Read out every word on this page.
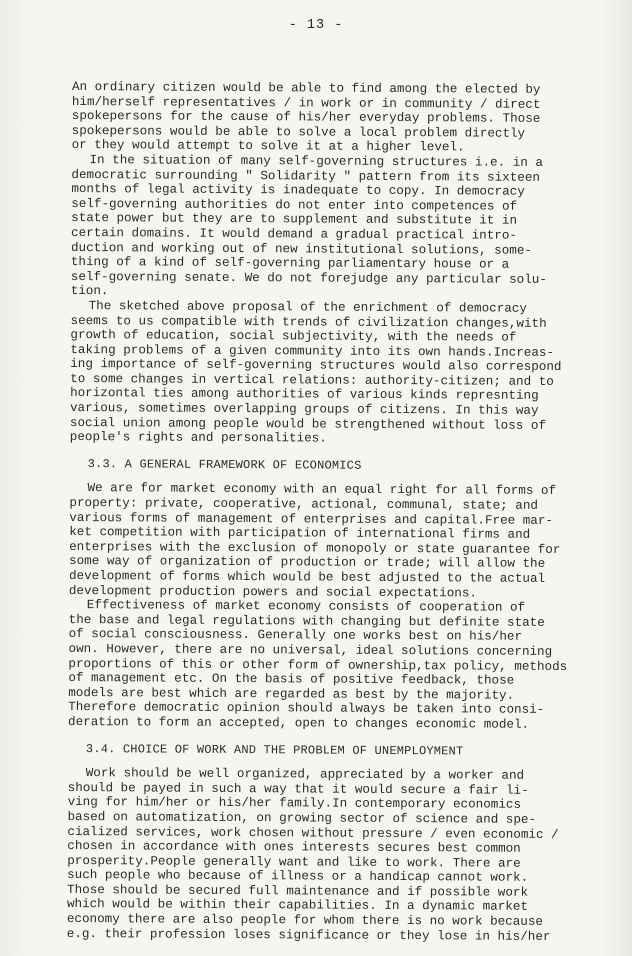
- 13 -
An ordinary citizen would be able to find among the elected by
him/herself representatives / in work or in community / direct
spokepersons for the cause of his/her everyday problems. Those
spokepersons would be able to solve a local problem directly
or they would attempt to solve it at a higher level.
In the situation of many self-governing structures i.e. in a
democratic surrounding " Solidarity " pattern from its sixteen
months of legal activity is inadequate to copy. In democracy
self-governing authorities do not enter into competences of
state power but they are to supplement and substitute it in
certain domains. It would demand a gradual practical intro-
duction and working out of new institutional solutions, some-
thing of a kind of self-governing parliamentary house or a
self-governing senate. We do not forejudge any particular solu-
tion.
The sketched above proposal of the enrichment of democracy
seems to us compatible with trends of civilization changes,with
growth of education, social subjectivity, with the needs of
taking problems of a given community into its own hands.Increas-
ing importance of self-governing structures would also correspond
to some changes in vertical relations: authority-citizen; and to
horizontal ties among authorities of various kinds represnting
various, sometimes overlapping groups of citizens. In this way
social union among people would be strengthened without loss of
people's rights and personalities.
3.3. A GENERAL FRAMEWORK OF ECONOMICS
We are for market economy with an equal right for all forms of
property: private, cooperative, actional, communal, state; and
various forms of management of enterprises and capital.Free mar-
ket competition with participation of international firms and
enterprises with the exclusion of monopoly or state guarantee for
some way of organization of production or trade; will allow the
development of forms which would be best adjusted to the actual
development production powers and social expectations.
Effectiveness of market economy consists of cooperation of
the base and legal regulations with changing but definite state
of social consciousness. Generally one works best on his/her
own. However, there are no universal, ideal solutions concerning
proportions of this or other form of ownership,tax policy, methods
of management etc. On the basis of positive feedback, those
models are best which are regarded as best by the majority.
Therefore democratic opinion should always be taken into consi-
deration to form an accepted, open to changes economic model.
3.4. CHOICE OF WORK AND THE PROBLEM OF UNEMPLOYMENT
Work should be well organized, appreciated by a worker and
should be payed in such a way that it would secure a fair li-
ving for him/her or his/her family.In contemporary economics
based on automatization, on growing sector of science and spe-
cialized services, work chosen without pressure / even economic /
chosen in accordance with ones interests secures best common
prosperity.People generally want and like to work. There are
such people who because of illness or a handicap cannot work.
Those should be secured full maintenance and if possible work
which would be within their capabilities. In a dynamic market
economy there are also people for whom there is no work because
e.g. their profession loses significance or they lose in his/her
